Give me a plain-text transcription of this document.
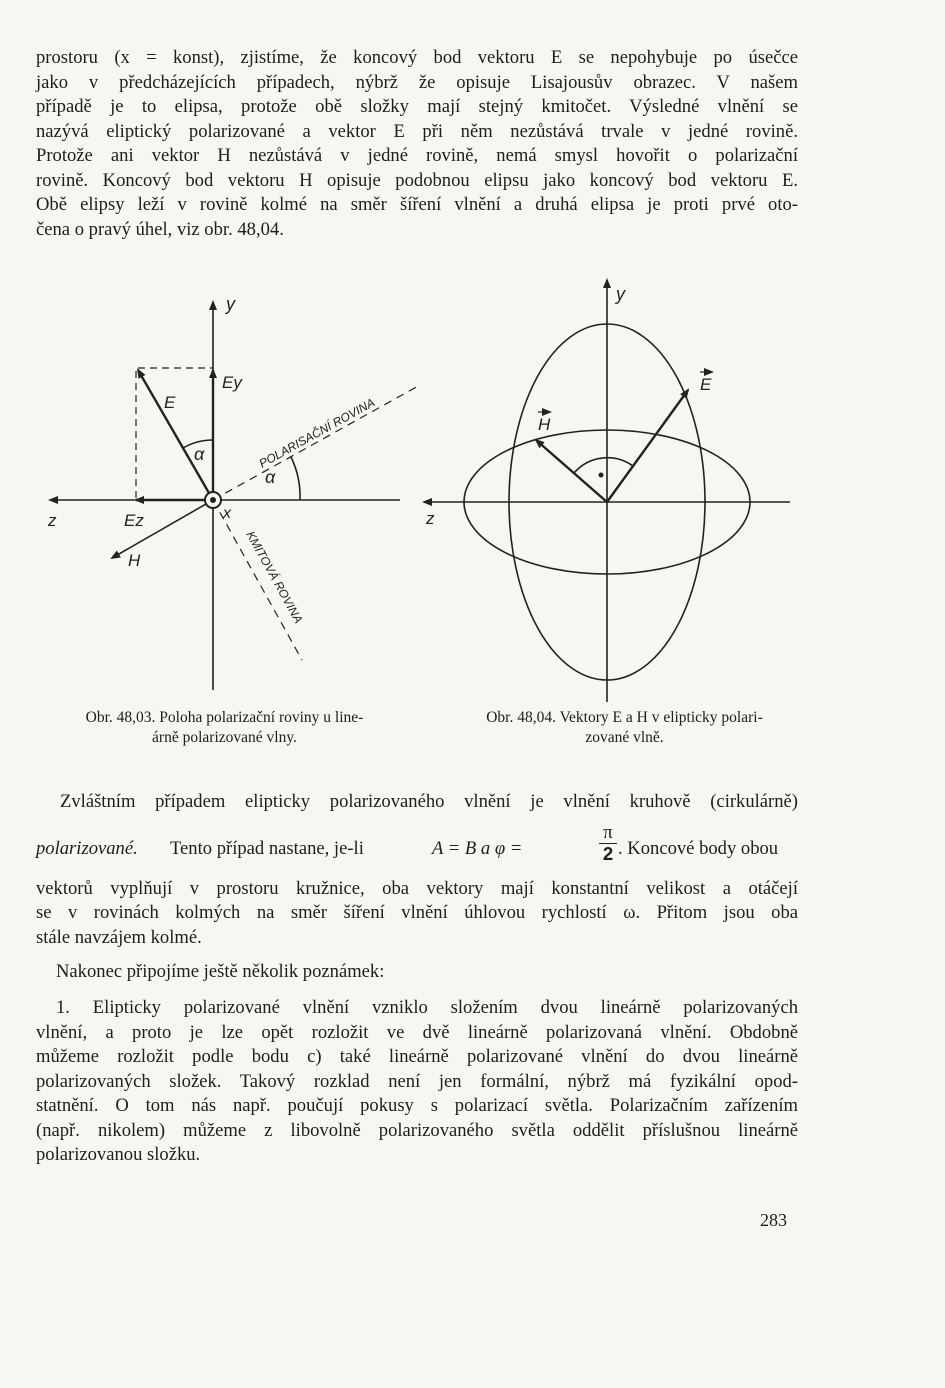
prostoru (x = konst), zjistíme, že koncový bod vektoru E se nepohybuje po úsečce
jako v předcházejících případech, nýbrž že opisuje Lisajousův obrazec. V našem
případě je to elipsa, protože obě složky mají stejný kmitočet. Výsledné vlnění se
nazývá eliptický polarizované a vektor E při něm nezůstává trvale v jedné rovině.
Protože ani vektor H nezůstává v jedné rovině, nemá smysl hovořit o polarizační
rovině. Koncový bod vektoru H opisuje podobnou elipsu jako koncový bod vektoru E.
Obě elipsy leží v rovině kolmé na směr šíření vlnění a druhá elipsa je proti prvé oto-
čena o pravý úhel, viz obr. 48,04.
y
E
Ey
α
α
z	Ez	x
H
POLARISAČNÍ ROVINA
KMITOVÁ ROVINA

Obr. 48,03. Poloha polarizační roviny u line-
árně polarizované vlny.

y
E
H
z

Obr. 48,04. Vektory E a H v elipticky polari-
zované vlně.

Zvláštním případem elipticky polarizovaného vlnění je vlnění kruhově (cirkulárně)
polarizované. Tento případ nastane, je-li	A = B a φ =
π
2 . Koncové body obou
vektorů vyplňují v prostoru kružnice, oba vektory mají konstantní velikost a otáčejí
se v rovinách kolmých na směr šíření vlnění úhlovou rychlostí ω. Přitom jsou oba
stále navzájem kolmé.
Nakonec připojíme ještě několik poznámek:
1. Elipticky polarizované vlnění vzniklo složením dvou lineárně polarizovaných
vlnění, a proto je lze opět rozložit ve dvě lineárně polarizovaná vlnění. Obdobně
můžeme rozložit podle bodu c) také lineárně polarizované vlnění do dvou lineárně
polarizovaných složek. Takový rozklad není jen formální, nýbrž má fyzikální opod-
statnění. O tom nás např. poučují pokusy s polarizací světla. Polarizačním zařízením
(např. nikolem) můžeme z libovolně polarizovaného světla oddělit příslušnou lineárně
polarizovanou složku.
283
